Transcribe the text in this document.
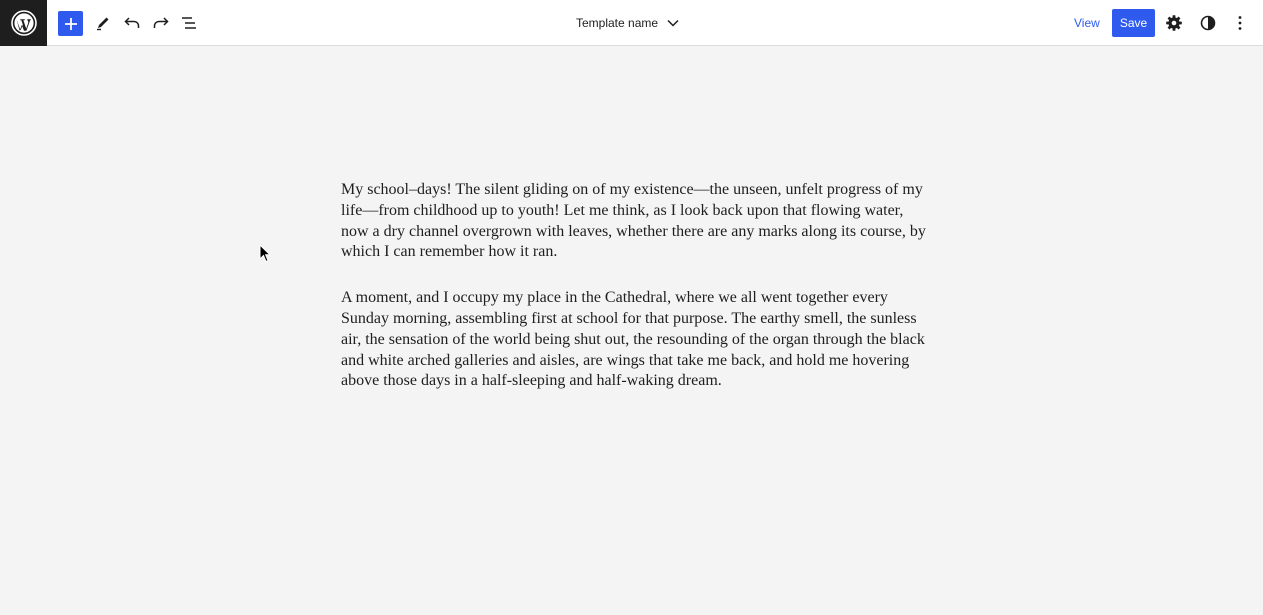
Template name	View	Save

My school–days! The silent gliding on of my existence—the unseen, unfelt progress of my life—from childhood up to youth! Let me think, as I look back upon that flowing water, now a dry channel overgrown with leaves, whether there are any marks along its course, by which I can remember how it ran.

A moment, and I occupy my place in the Cathedral, where we all went together every Sunday morning, assembling first at school for that purpose. The earthy smell, the sunless air, the sensation of the world being shut out, the resounding of the organ through the black and white arched galleries and aisles, are wings that take me back, and hold me hovering above those days in a half-sleeping and half-waking dream.
